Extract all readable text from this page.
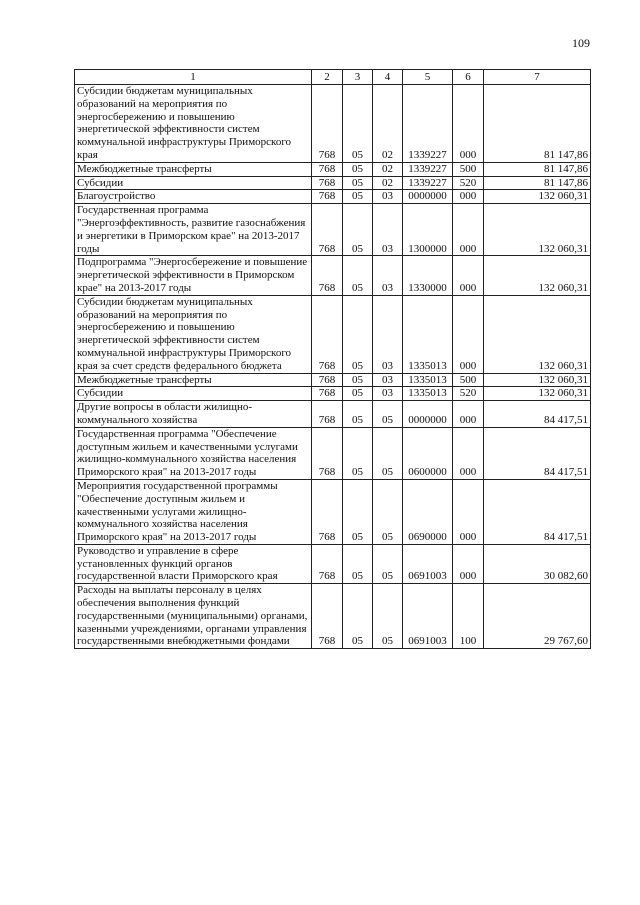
109
1	2	3	4	5	6	7
Субсидии бюджетам муниципальных образований на мероприятия по энергосбережению и повышению энергетической эффективности систем коммунальной инфраструктуры Приморского края	768	05	02	1339227	000	81 147,86
Межбюджетные трансферты	768	05	02	1339227	500	81 147,86
Субсидии	768	05	02	1339227	520	81 147,86
Благоустройство	768	05	03	0000000	000	132 060,31
Государственная программа "Энергоэффективность, развитие газоснабжения и энергетики в Приморском крае" на 2013-2017 годы	768	05	03	1300000	000	132 060,31
Подпрограмма "Энергосбережение и повышение энергетической эффективности в Приморском крае" на 2013-2017 годы	768	05	03	1330000	000	132 060,31
Субсидии бюджетам муниципальных образований на мероприятия по энергосбережению и повышению энергетической эффективности систем коммунальной инфраструктуры Приморского края за счет средств федерального бюджета	768	05	03	1335013	000	132 060,31
Межбюджетные трансферты	768	05	03	1335013	500	132 060,31
Субсидии	768	05	03	1335013	520	132 060,31
Другие вопросы в области жилищно-коммунального хозяйства	768	05	05	0000000	000	84 417,51
Государственная программа "Обеспечение доступным жильем и качественными услугами жилищно-коммунального хозяйства населения Приморского края" на 2013-2017 годы	768	05	05	0600000	000	84 417,51
Мероприятия государственной программы "Обеспечение доступным жильем и качественными услугами жилищно-коммунального хозяйства населения Приморского края" на 2013-2017 годы	768	05	05	0690000	000	84 417,51
Руководство и управление в сфере установленных функций органов государственной власти Приморского края	768	05	05	0691003	000	30 082,60
Расходы на выплаты персоналу в целях обеспечения выполнения функций государственными (муниципальными) органами, казенными учреждениями, органами управления государственными внебюджетными фондами	768	05	05	0691003	100	29 767,60
